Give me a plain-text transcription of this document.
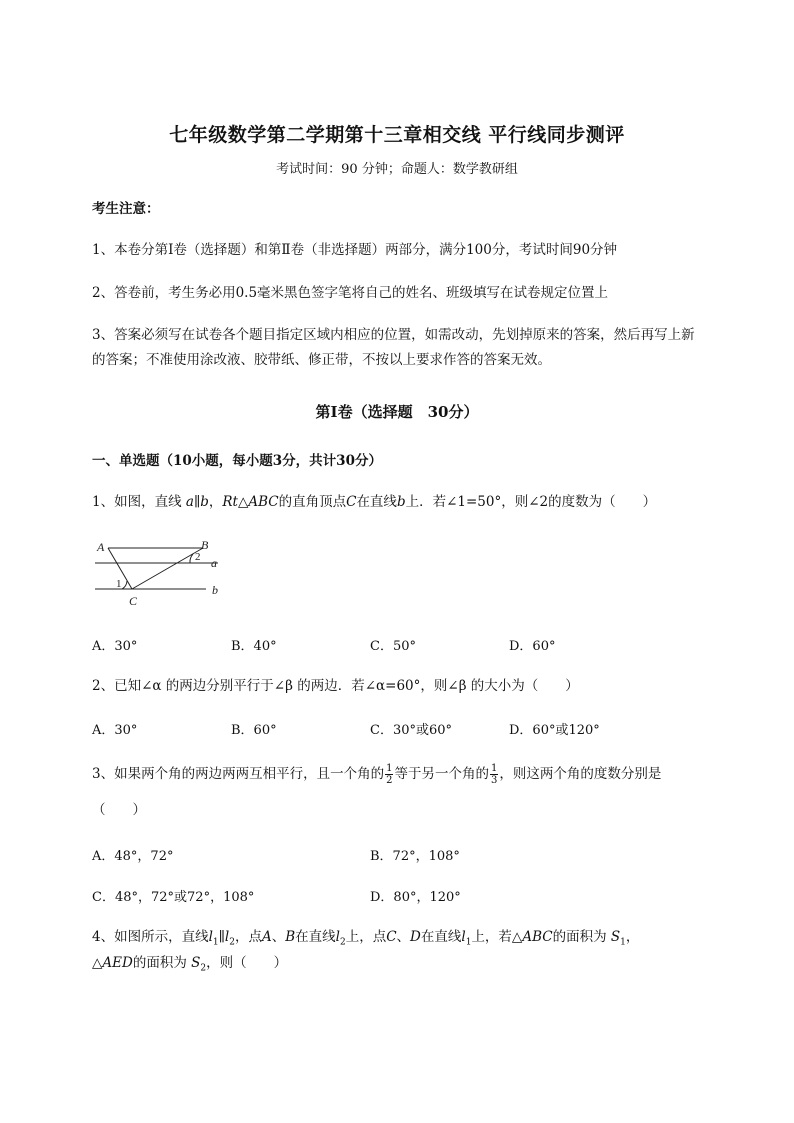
七年级数学第二学期第十三章相交线 平行线同步测评
考试时间：90 分钟；命题人：数学教研组
考生注意：
1、本卷分第Ⅰ卷（选择题）和第Ⅱ卷（非选择题）两部分，满分100分，考试时间90分钟
2、答卷前，考生务必用0.5毫米黑色签字笔将自己的姓名、班级填写在试卷规定位置上
3、答案必须写在试卷各个题目指定区域内相应的位置，如需改动，先划掉原来的答案，然后再写上新
的答案；不准使用涂改液、胶带纸、修正带，不按以上要求作答的答案无效。
第Ⅰ卷（选择题　30分）
一、单选题（10小题，每小题3分，共计30分）
1、如图，直线 a∥b，Rt△ABC的直角顶点C在直线b上．若∠1=50°，则∠2的度数为（　　）
A	B
C
a
b
1
2
A．30°	B．40°	C．50°	D．60°
2、已知∠α 的两边分别平行于∠β 的两边．若∠α=60°，则∠β 的大小为（　　）
A．30°	B．60°	C．30°或60°	D．60°或120°
3、如果两个角的两边两两互相平行，且一个角的 $\frac{1}{2}$ 等于另一个角的 $\frac{1}{3}$ ，则这两个角的度数分别是
（　　）
A．48°，72°	B．72°，108°
C．48°，72°或72°，108°	D．80°，120°
4、如图所示，直线$l_1\parallel l_2$，点A、B在直线$l_2$上，点C、D在直线$l_1$上，若△ABC的面积为 $S_1$，
△AED的面积为 $S_2$，则（　　）
